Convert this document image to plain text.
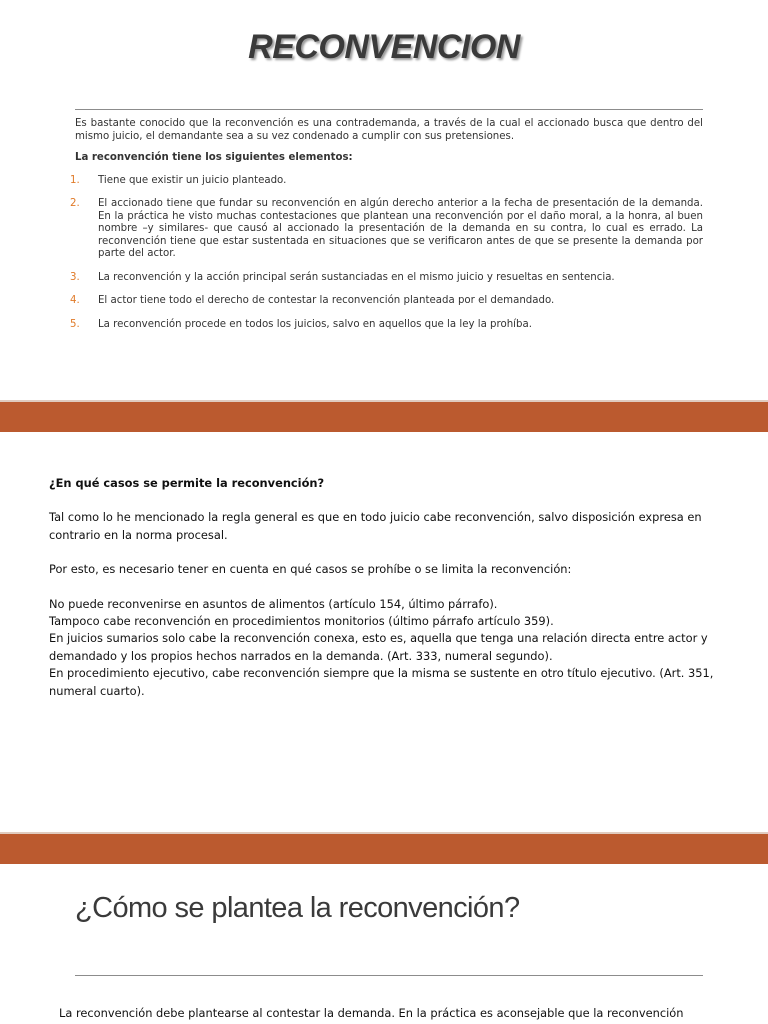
RECONVENCION

Es bastante conocido que la reconvención es una contrademanda, a través de la cual el accionado busca que dentro del mismo juicio, el demandante sea a su vez condenado a cumplir con sus pretensiones.

La reconvención tiene los siguientes elementos:

1. Tiene que existir un juicio planteado.
2. El accionado tiene que fundar su reconvención en algún derecho anterior a la fecha de presentación de la demanda. En la práctica he visto muchas contestaciones que plantean una reconvención por el daño moral, a la honra, al buen nombre –y similares- que causó al accionado la presentación de la demanda en su contra, lo cual es errado. La reconvención tiene que estar sustentada en situaciones que se verificaron antes de que se presente la demanda por parte del actor.
3. La reconvención y la acción principal serán sustanciadas en el mismo juicio y resueltas en sentencia.
4. El actor tiene todo el derecho de contestar la reconvención planteada por el demandado.
5. La reconvención procede en todos los juicios, salvo en aquellos que la ley la prohíba.

¿En qué casos se permite la reconvención?

Tal como lo he mencionado la regla general es que en todo juicio cabe reconvención, salvo disposición expresa en contrario en la norma procesal.

Por esto, es necesario tener en cuenta en qué casos se prohíbe o se limita la reconvención:

No puede reconvenirse en asuntos de alimentos (artículo 154, último párrafo).

Tampoco cabe reconvención en procedimientos monitorios (último párrafo artículo 359).

En juicios sumarios solo cabe la reconvención conexa, esto es, aquella que tenga una relación directa entre actor y demandado y los propios hechos narrados en la demanda. (Art. 333, numeral segundo).

En procedimiento ejecutivo, cabe reconvención siempre que la misma se sustente en otro título ejecutivo. (Art. 351, numeral cuarto).

¿Cómo se plantea la reconvención?

La reconvención debe plantearse al contestar la demanda. En la práctica es aconsejable que la reconvención
